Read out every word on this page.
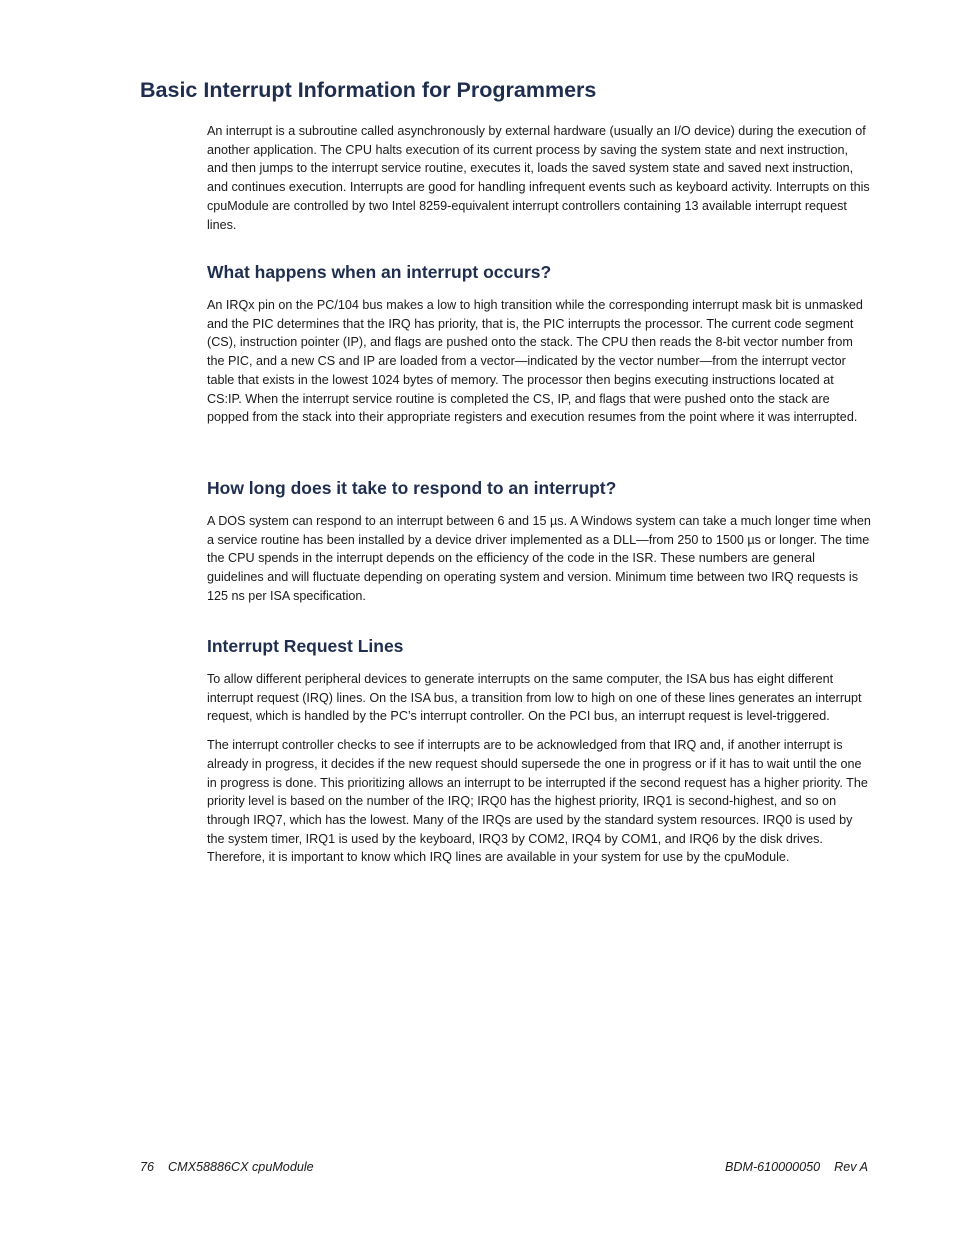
Basic Interrupt Information for Programmers

An interrupt is a subroutine called asynchronously by external hardware (usually an I/O device) during the execution of another application. The CPU halts execution of its current process by saving the system state and next instruction, and then jumps to the interrupt service routine, executes it, loads the saved system state and saved next instruction, and continues execution. Interrupts are good for handling infrequent events such as keyboard activity. Interrupts on this cpuModule are controlled by two Intel 8259-equivalent interrupt controllers containing 13 available interrupt request lines.

What happens when an interrupt occurs?

An IRQx pin on the PC/104 bus makes a low to high transition while the corresponding interrupt mask bit is unmasked and the PIC determines that the IRQ has priority, that is, the PIC interrupts the processor. The current code segment (CS), instruction pointer (IP), and flags are pushed onto the stack. The CPU then reads the 8-bit vector number from the PIC, and a new CS and IP are loaded from a vector—indicated by the vector number—from the interrupt vector table that exists in the lowest 1024 bytes of memory. The processor then begins executing instructions located at CS:IP. When the interrupt service routine is completed the CS, IP, and flags that were pushed onto the stack are popped from the stack into their appropriate registers and execution resumes from the point where it was interrupted.

How long does it take to respond to an interrupt?

A DOS system can respond to an interrupt between 6 and 15 µs. A Windows system can take a much longer time when a service routine has been installed by a device driver implemented as a DLL—from 250 to 1500 µs or longer. The time the CPU spends in the interrupt depends on the efficiency of the code in the ISR. These numbers are general guidelines and will fluctuate depending on operating system and version. Minimum time between two IRQ requests is 125 ns per ISA specification.

Interrupt Request Lines

To allow different peripheral devices to generate interrupts on the same computer, the ISA bus has eight different interrupt request (IRQ) lines. On the ISA bus, a transition from low to high on one of these lines generates an interrupt request, which is handled by the PC’s interrupt controller. On the PCI bus, an interrupt request is level-triggered.

The interrupt controller checks to see if interrupts are to be acknowledged from that IRQ and, if another interrupt is already in progress, it decides if the new request should supersede the one in progress or if it has to wait until the one in progress is done. This prioritizing allows an interrupt to be interrupted if the second request has a higher priority. The priority level is based on the number of the IRQ; IRQ0 has the highest priority, IRQ1 is second-highest, and so on through IRQ7, which has the lowest. Many of the IRQs are used by the standard system resources. IRQ0 is used by the system timer, IRQ1 is used by the keyboard, IRQ3 by COM2, IRQ4 by COM1, and IRQ6 by the disk drives. Therefore, it is important to know which IRQ lines are available in your system for use by the cpuModule.

76 CMX58886CX cpuModule	BDM-610000050 Rev A
